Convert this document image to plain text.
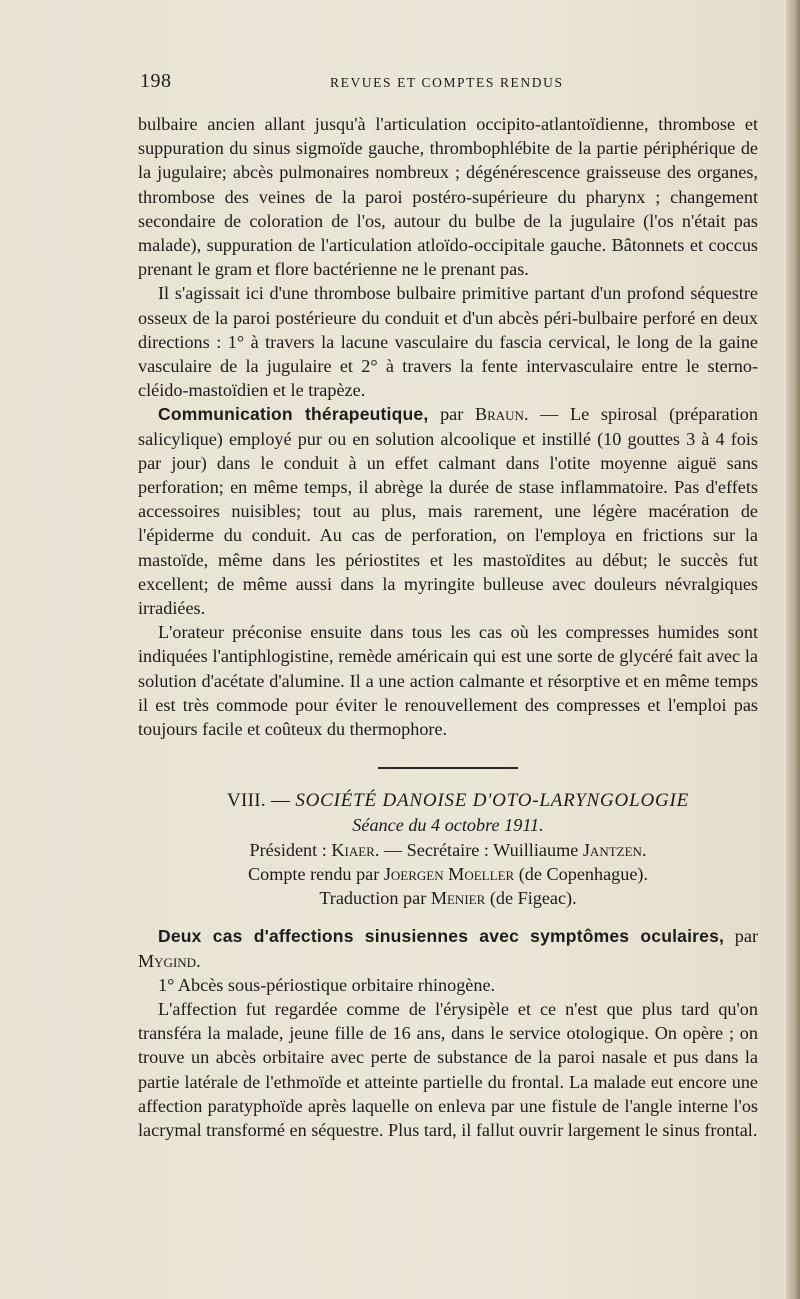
198	REVUES ET COMPTES RENDUS

bulbaire ancien allant jusqu'à l'articulation occipito-atlantoïdienne, thrombose et suppuration du sinus sigmoïde gauche, thrombophlébite de la partie périphérique de la jugulaire; abcès pulmonaires nombreux ; dégénérescence graisseuse des organes, thrombose des veines de la paroi postéro-supérieure du pharynx ; changement secondaire de coloration de l'os, autour du bulbe de la jugulaire (l'os n'était pas malade), suppuration de l'articulation atloïdo-occipitale gauche. Bâtonnets et coccus prenant le gram et flore bactérienne ne le prenant pas.

Il s'agissait ici d'une thrombose bulbaire primitive partant d'un profond séquestre osseux de la paroi postérieure du conduit et d'un abcès péri-bulbaire perforé en deux directions : 1° à travers la lacune vasculaire du fascia cervical, le long de la gaine vasculaire de la jugulaire et 2° à travers la fente intervasculaire entre le sterno-cléido-mastoïdien et le trapèze.

Communication thérapeutique, par Braun. — Le spirosal (préparation salicylique) employé pur ou en solution alcoolique et instillé (10 gouttes 3 à 4 fois par jour) dans le conduit à un effet calmant dans l'otite moyenne aiguë sans perforation; en même temps, il abrège la durée de stase inflammatoire. Pas d'effets accessoires nuisibles; tout au plus, mais rarement, une légère macération de l'épiderme du conduit. Au cas de perforation, on l'employa en frictions sur la mastoïde, même dans les périostites et les mastoïdites au début; le succès fut excellent; de même aussi dans la myringite bulleuse avec douleurs névralgiques irradiées.

L'orateur préconise ensuite dans tous les cas où les compresses humides sont indiquées l'antiphlogistine, remède américain qui est une sorte de glycéré fait avec la solution d'acétate d'alumine. Il a une action calmante et résorptive et en même temps il est très commode pour éviter le renouvellement des compresses et l'emploi pas toujours facile et coûteux du thermophore.

VIII. — SOCIÉTÉ DANOISE D'OTO-LARYNGOLOGIE

Séance du 4 octobre 1911.

Président : Kiaer. — Secrétaire : Wuilliaume Jantzen.

Compte rendu par Joergen Moeller (de Copenhague).

Traduction par Menier (de Figeac).

Deux cas d'affections sinusiennes avec symptômes oculaires, par Mygind.

1° Abcès sous-périostique orbitaire rhinogène.

L'affection fut regardée comme de l'érysipèle et ce n'est que plus tard qu'on transféra la malade, jeune fille de 16 ans, dans le service otologique. On opère ; on trouve un abcès orbitaire avec perte de substance de la paroi nasale et pus dans la partie latérale de l'ethmoïde et atteinte partielle du frontal. La malade eut encore une affection paratyphoïde après laquelle on enleva par une fistule de l'angle interne l'os lacrymal transformé en séquestre. Plus tard, il fallut ouvrir largement le sinus frontal.
